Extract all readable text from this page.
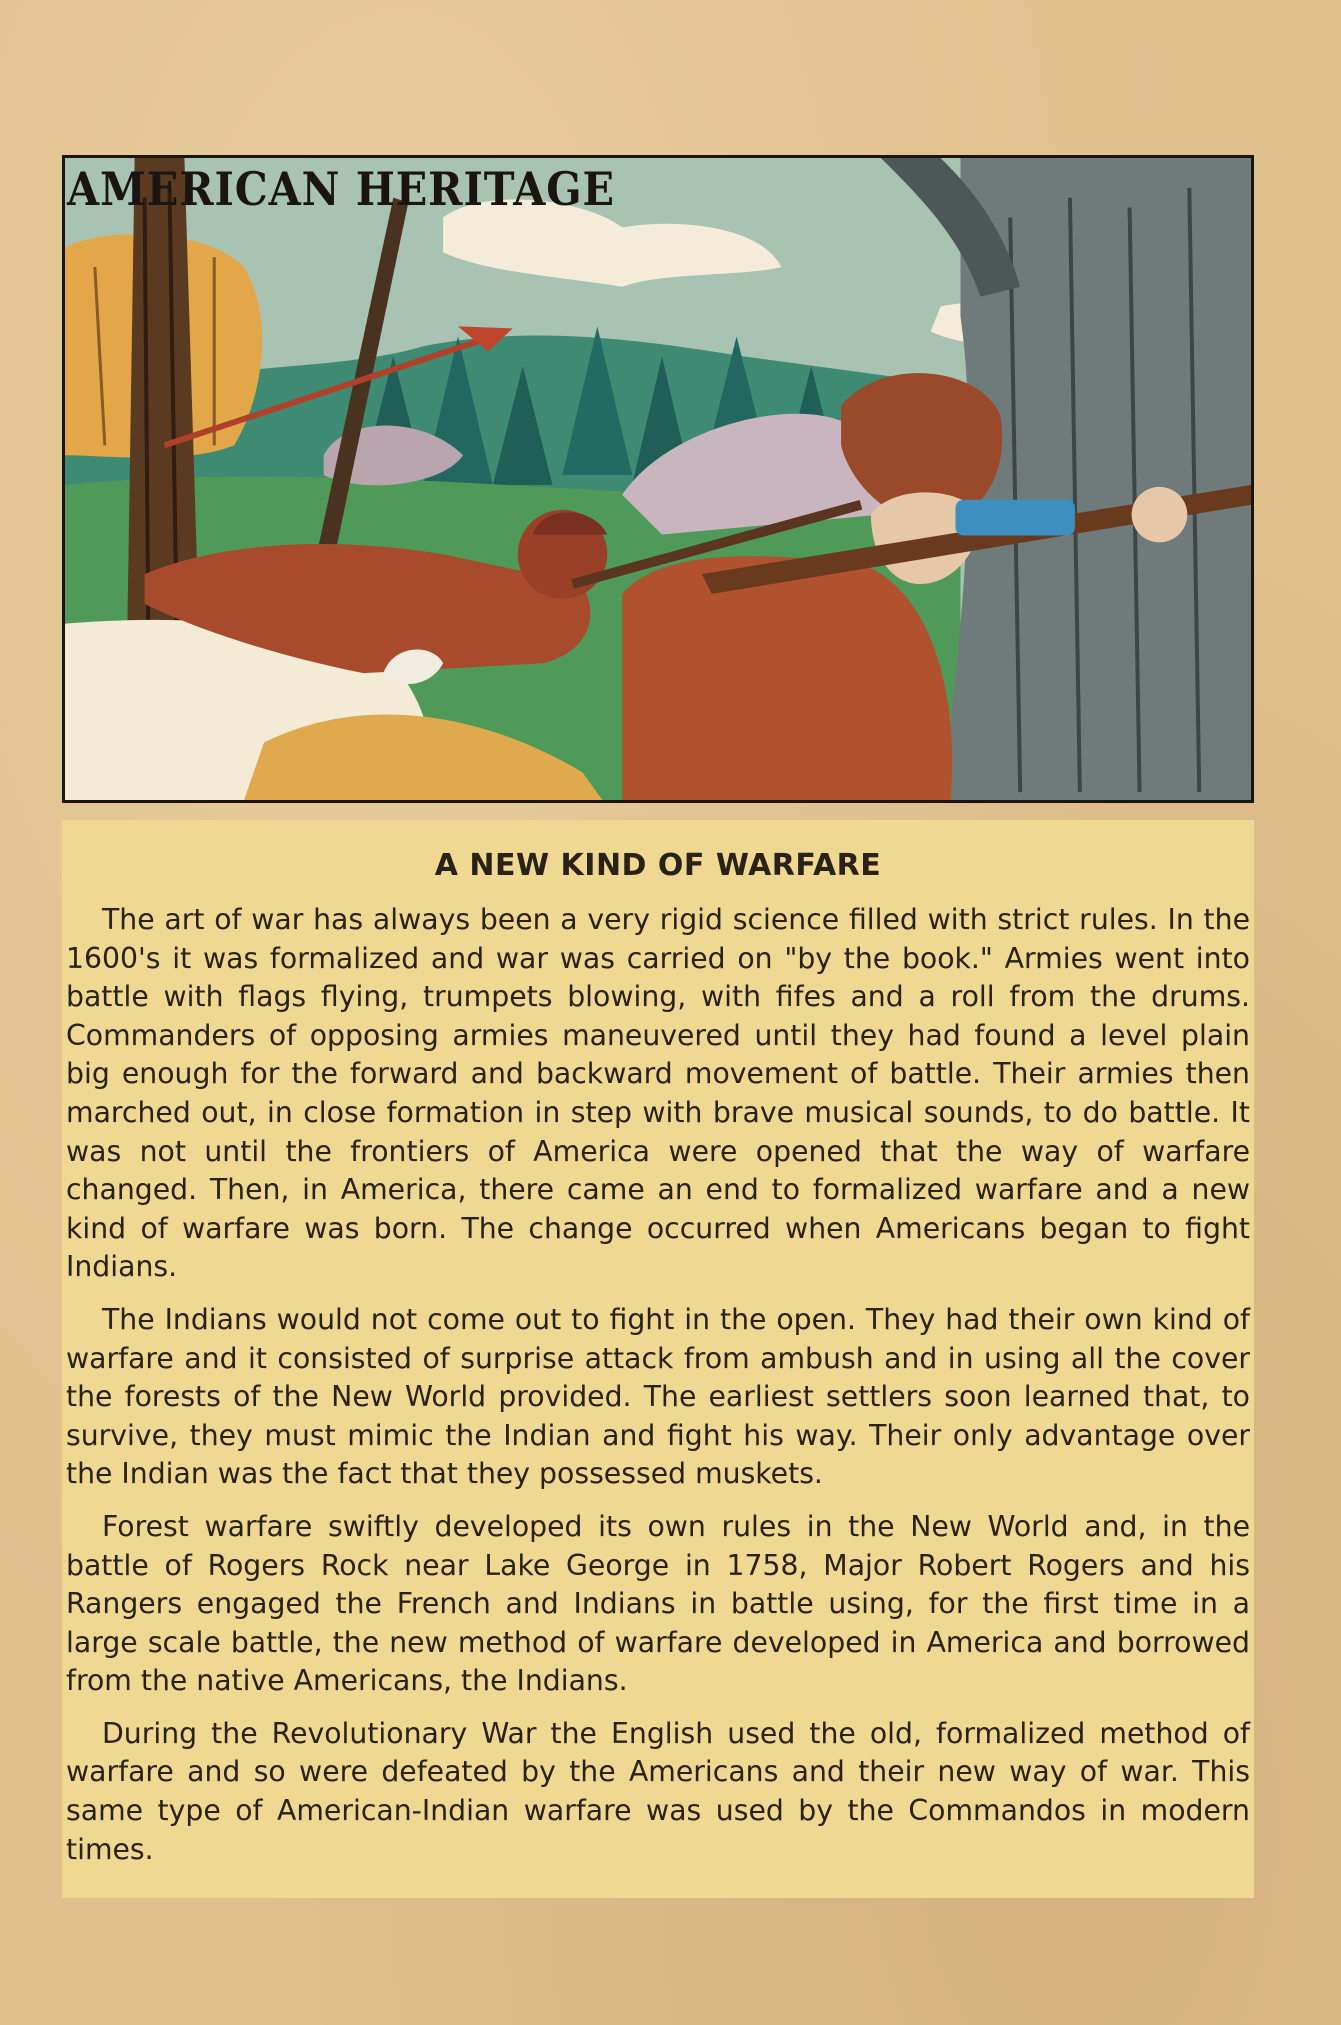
AMERICAN HERITAGE
A NEW KIND OF WARFARE

The art of war has always been a very rigid science filled with strict rules. In the 1600's it was formalized and war was carried on "by the book." Armies went into battle with flags flying, trumpets blowing, with fifes and a roll from the drums. Commanders of opposing armies maneuvered until they had found a level plain big enough for the forward and backward movement of battle. Their armies then marched out, in close formation in step with brave musical sounds, to do battle. It was not until the frontiers of America were opened that the way of warfare changed. Then, in America, there came an end to formalized warfare and a new kind of warfare was born. The change occurred when Americans began to fight Indians.

The Indians would not come out to fight in the open. They had their own kind of warfare and it consisted of surprise attack from ambush and in using all the cover the forests of the New World provided. The earliest settlers soon learned that, to survive, they must mimic the Indian and fight his way. Their only advantage over the Indian was the fact that they possessed muskets.

Forest warfare swiftly developed its own rules in the New World and, in the battle of Rogers Rock near Lake George in 1758, Major Robert Rogers and his Rangers engaged the French and Indians in battle using, for the first time in a large scale battle, the new method of warfare developed in America and borrowed from the native Americans, the Indians.

During the Revolutionary War the English used the old, formalized method of warfare and so were defeated by the Americans and their new way of war. This same type of American-Indian warfare was used by the Commandos in modern times.
